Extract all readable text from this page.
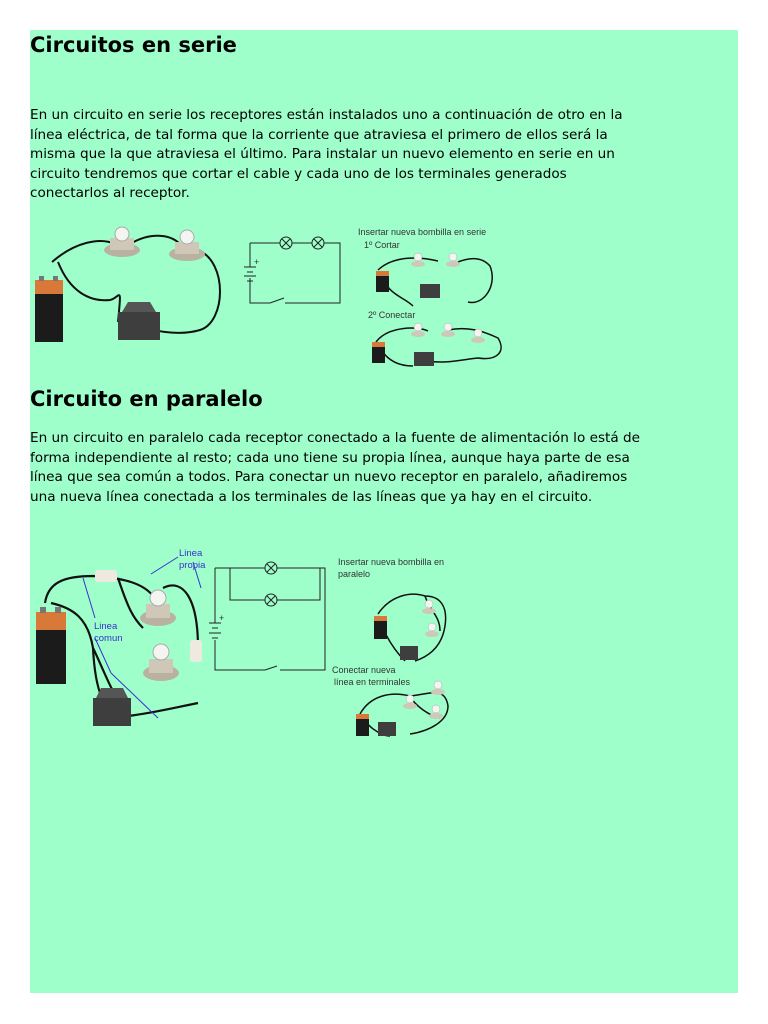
Circuitos en serie

En un circuito en serie los receptores están instalados uno a continuación de otro en la
línea eléctrica, de tal forma que la corriente que atraviesa el primero de ellos será la
misma que la que atraviesa el último. Para instalar un nuevo elemento en serie en un
circuito tendremos que cortar el cable y cada uno de los terminales generados
conectarlos al receptor.

+
Insertar nueva bombilla en serie
1º Cortar
2º Conectar
Circuito en paralelo

En un circuito en paralelo cada receptor conectado a la fuente de alimentación lo está de
forma independiente al resto; cada uno tiene su propia línea, aunque haya parte de esa
línea que sea común a todos. Para conectar un nuevo receptor en paralelo, añadiremos
una nueva línea conectada a los terminales de las líneas que ya hay en el circuito.

Linea
propia
Linea
comun
+
Insertar nueva bombilla en
paralelo
Conectar nueva
línea en terminales
